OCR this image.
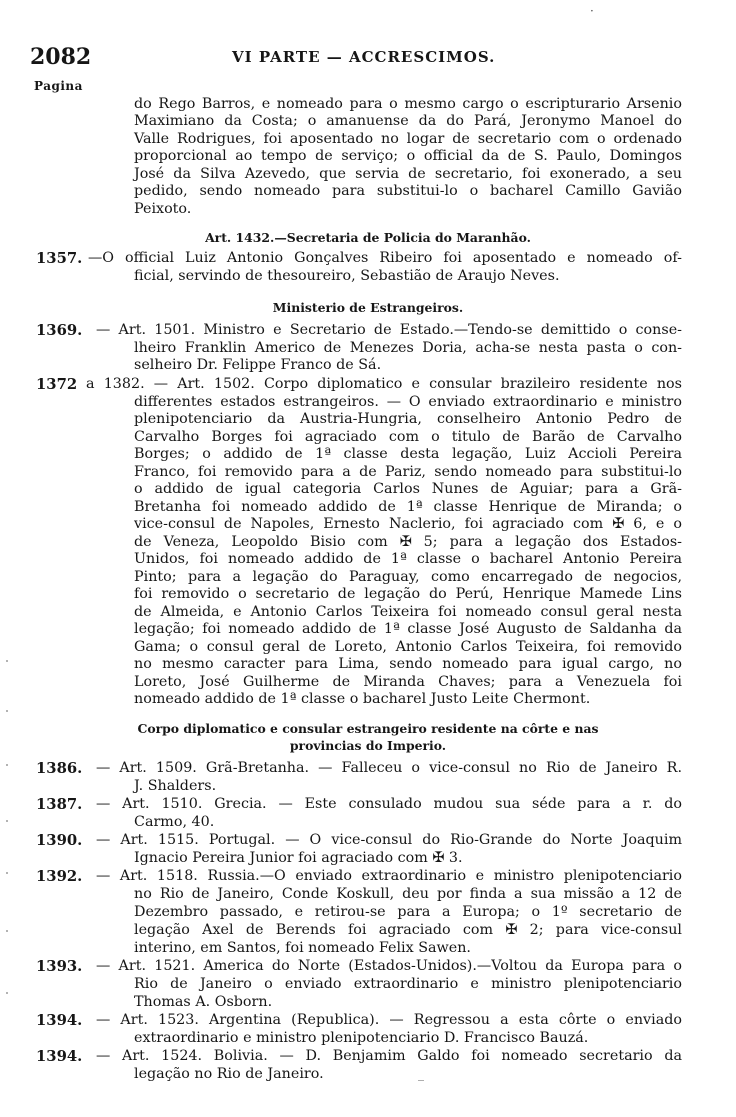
2082	VI PARTE — ACCRESCIMOS.
Pagina
·
‾
do Rego Barros, e nomeado para o mesmo cargo o escripturario Arsenio
Maximiano da Costa; o amanuense da do Pará, Jeronymo Manoel do
Valle Rodrigues, foi aposentado no logar de secretario com o ordenado
proporcional ao tempo de serviço; o official da de S. Paulo, Domingos
José da Silva Azevedo, que servia de secretario, foi exonerado, a seu
pedido, sendo nomeado para substitui-lo o bacharel Camillo Gavião
Peixoto.
Art. 1432.—Secretaria de Policia do Maranhão.
1357. —O official Luiz Antonio Gonçalves Ribeiro foi aposentado e nomeado of-
ficial, servindo de thesoureiro, Sebastião de Araujo Neves.
Ministerio de Estrangeiros.
1369. — Art. 1501. Ministro e Secretario de Estado.—Tendo-se demittido o conse-
lheiro Franklin Americo de Menezes Doria, acha-se nesta pasta o con-
selheiro Dr. Felippe Franco de Sá.
1372 a 1382. — Art. 1502. Corpo diplomatico e consular brazileiro residente nos
differentes estados estrangeiros. — O enviado extraordinario e ministro
plenipotenciario da Austria-Hungria, conselheiro Antonio Pedro de
Carvalho Borges foi agraciado com o titulo de Barão de Carvalho
Borges; o addido de 1ª classe desta legação, Luiz Accioli Pereira
Franco, foi removido para a de Pariz, sendo nomeado para substitui-lo
o addido de igual categoria Carlos Nunes de Aguiar; para a Grã-
Bretanha foi nomeado addido de 1ª classe Henrique de Miranda; o
vice-consul de Napoles, Ernesto Naclerio, foi agraciado com ✠ 6, e o
de Veneza, Leopoldo Bisio com ✠ 5; para a legação dos Estados-
Unidos, foi nomeado addido de 1ª classe o bacharel Antonio Pereira
Pinto; para a legação do Paraguay, como encarregado de negocios,
foi removido o secretario de legação do Perú, Henrique Mamede Lins
de Almeida, e Antonio Carlos Teixeira foi nomeado consul geral nesta
legação; foi nomeado addido de 1ª classe José Augusto de Saldanha da
Gama; o consul geral de Loreto, Antonio Carlos Teixeira, foi removido
no mesmo caracter para Lima, sendo nomeado para igual cargo, no
Loreto, José Guilherme de Miranda Chaves; para a Venezuela foi
nomeado addido de 1ª classe o bacharel Justo Leite Chermont.
Corpo diplomatico e consular estrangeiro residente na côrte e nas
provincias do Imperio.
1386. — Art. 1509. Grã-Bretanha. — Falleceu o vice-consul no Rio de Janeiro R.
J. Shalders.
1387. — Art. 1510. Grecia. — Este consulado mudou sua séde para a r. do
Carmo, 40.
1390. — Art. 1515. Portugal. — O vice-consul do Rio-Grande do Norte Joaquim
Ignacio Pereira Junior foi agraciado com ✠ 3.
1392. — Art. 1518. Russia.—O enviado extraordinario e ministro plenipotenciario
no Rio de Janeiro, Conde Koskull, deu por finda a sua missão a 12 de
Dezembro passado, e retirou-se para a Europa; o 1º secretario de
legação Axel de Berends foi agraciado com ✠ 2; para vice-consul
interino, em Santos, foi nomeado Felix Sawen.
1393. — Art. 1521. America do Norte (Estados-Unidos).—Voltou da Europa para o
Rio de Janeiro o enviado extraordinario e ministro plenipotenciario
Thomas A. Osborn.
1394. — Art. 1523. Argentina (Republica). — Regressou a esta côrte o enviado
extraordinario e ministro plenipotenciario D. Francisco Bauzá.
1394. — Art. 1524. Bolivia. — D. Benjamim Galdo foi nomeado secretario da
legação no Rio de Janeiro.
